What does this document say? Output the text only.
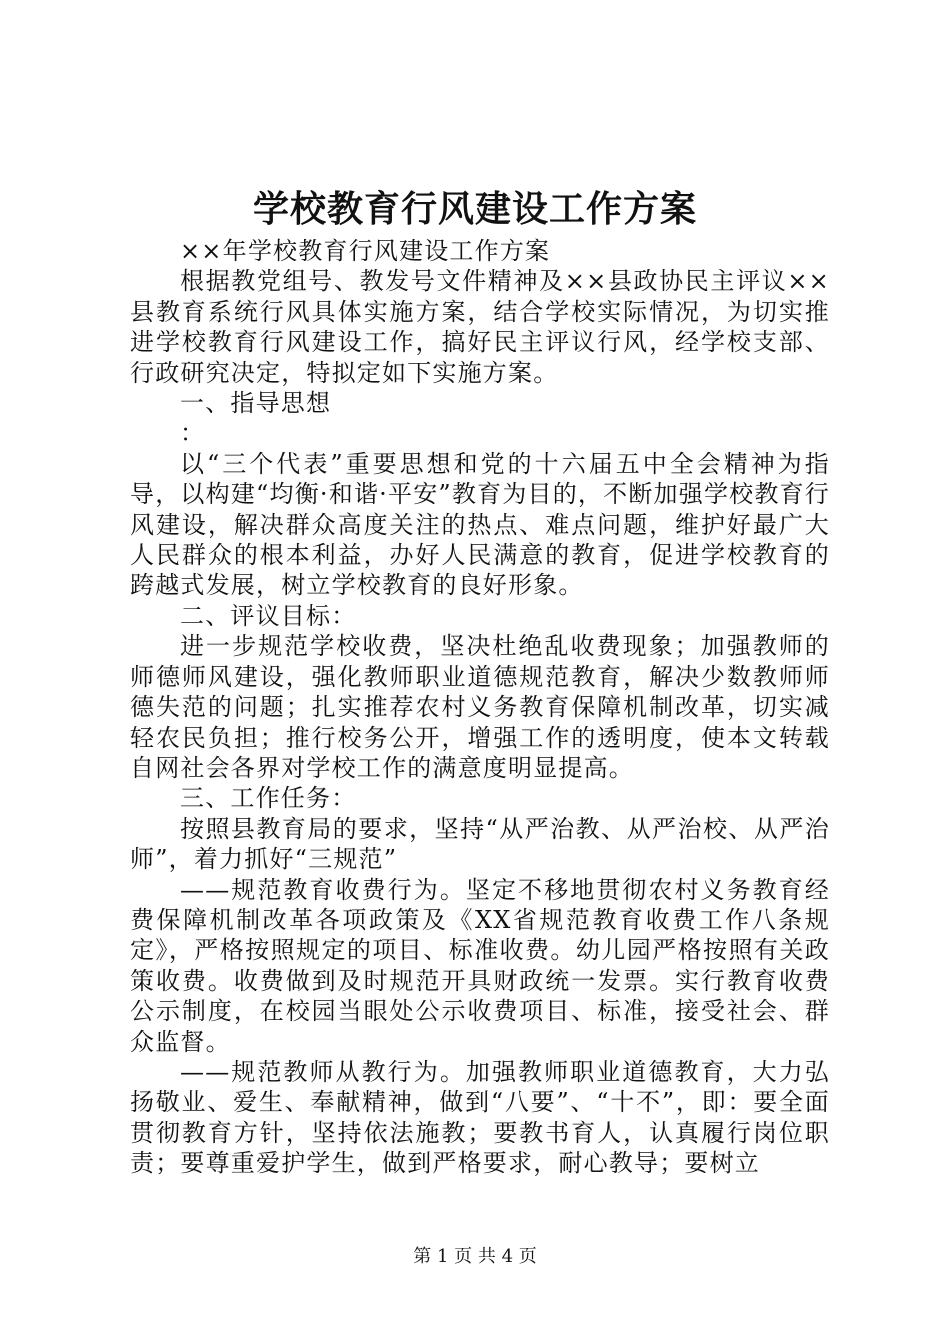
学校教育行风建设工作方案

××年学校教育行风建设工作方案

根据教党组号、教发号文件精神及××县政协民主评议××县教育系统行风具体实施方案，结合学校实际情况，为切实推进学校教育行风建设工作，搞好民主评议行风，经学校支部、行政研究决定，特拟定如下实施方案。

一、指导思想

：

以“三个代表”重要思想和党的十六届五中全会精神为指导，以构建“均衡·和谐·平安”教育为目的，不断加强学校教育行风建设，解决群众高度关注的热点、难点问题，维护好最广大人民群众的根本利益，办好人民满意的教育，促进学校教育的跨越式发展，树立学校教育的良好形象。

二、评议目标：

进一步规范学校收费，坚决杜绝乱收费现象；加强教师的师德师风建设，强化教师职业道德规范教育，解决少数教师师德失范的问题；扎实推荐农村义务教育保障机制改革，切实减轻农民负担；推行校务公开，增强工作的透明度，使本文转载自网社会各界对学校工作的满意度明显提高。

三、工作任务：

按照县教育局的要求，坚持“从严治教、从严治校、从严治师”，着力抓好“三规范”

——规范教育收费行为。坚定不移地贯彻农村义务教育经费保障机制改革各项政策及《XX省规范教育收费工作八条规定》，严格按照规定的项目、标准收费。幼儿园严格按照有关政策收费。收费做到及时规范开具财政统一发票。实行教育收费公示制度，在校园当眼处公示收费项目、标准，接受社会、群众监督。

——规范教师从教行为。加强教师职业道德教育，大力弘扬敬业、爱生、奉献精神，做到“八要”、“十不”，即：要全面贯彻教育方针，坚持依法施教；要教书育人，认真履行岗位职责；要尊重爱护学生，做到严格要求，耐心教导；要树立

第 1 页 共 4 页
